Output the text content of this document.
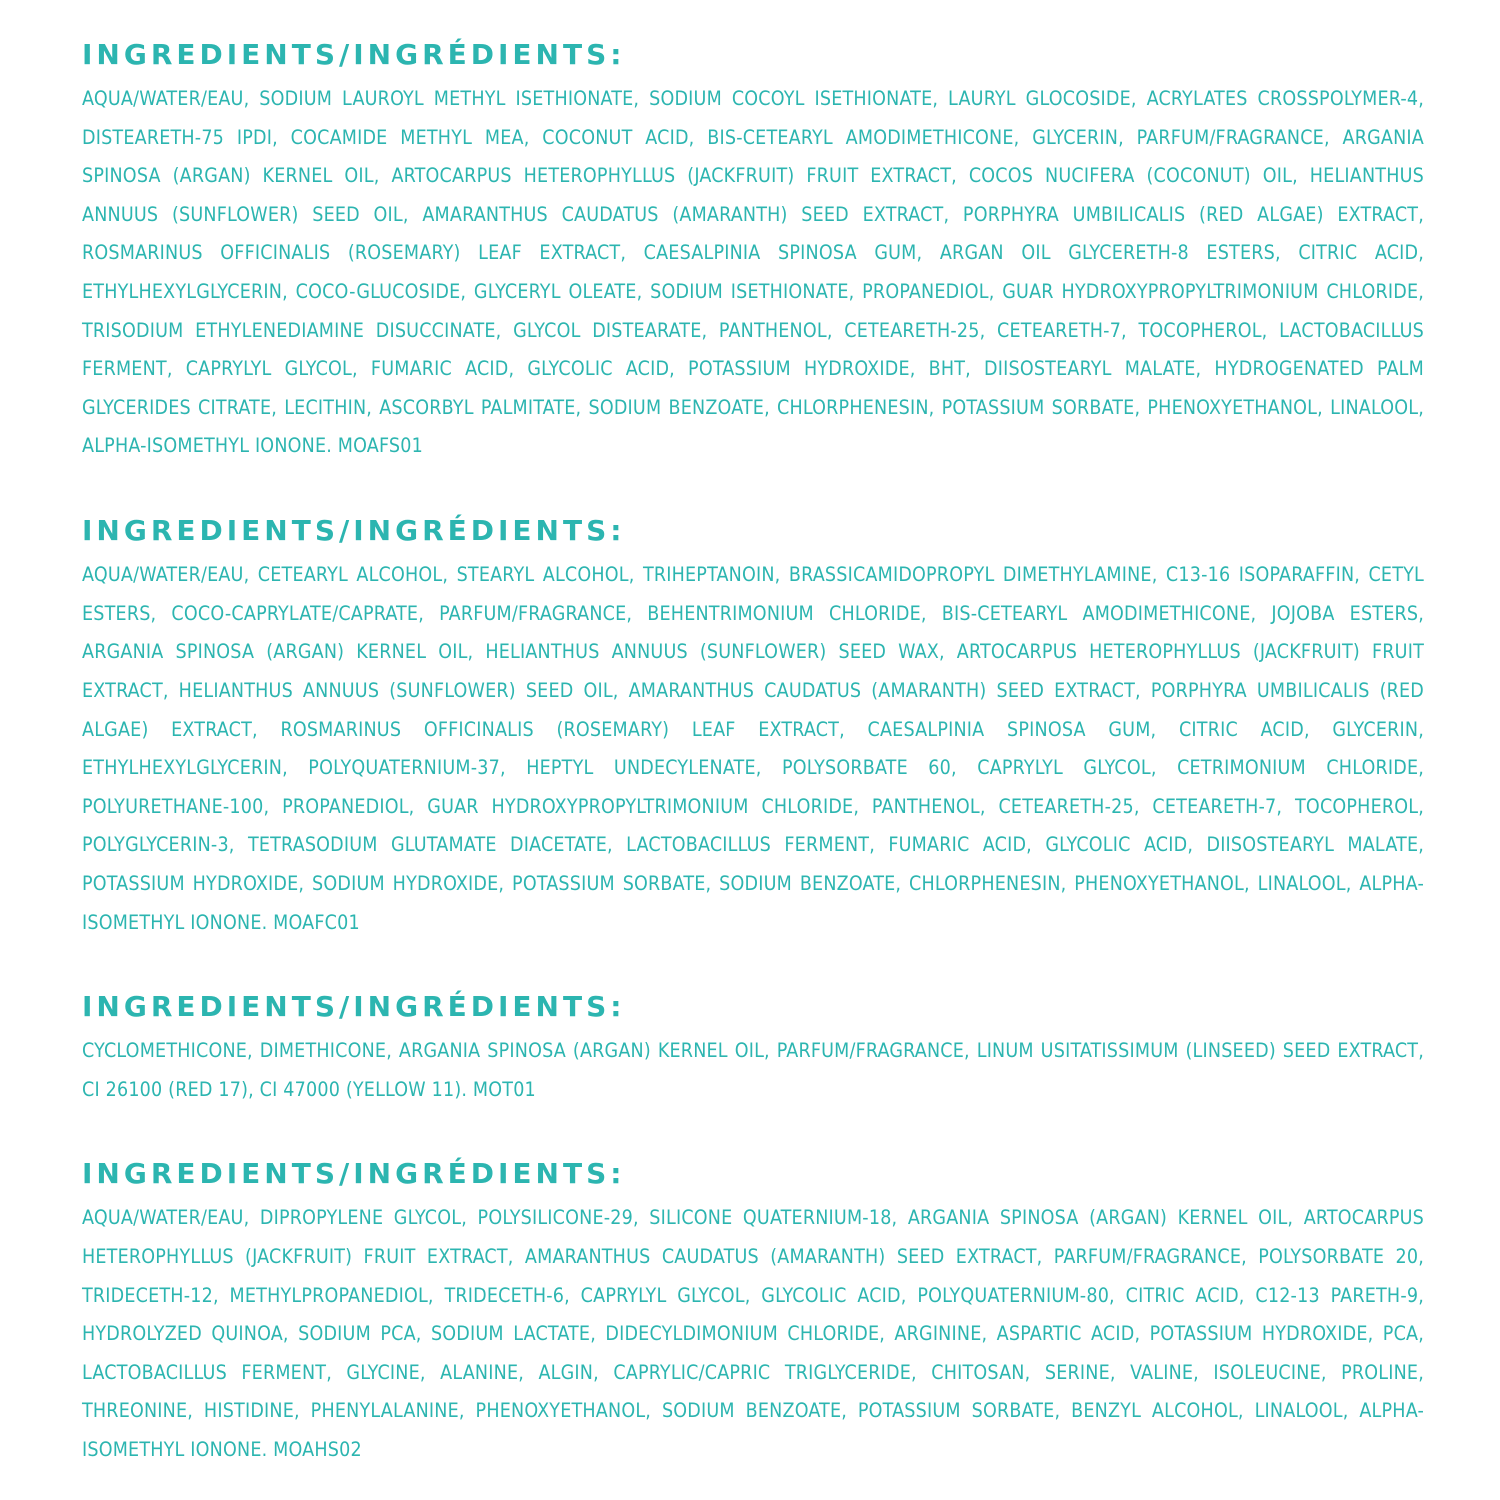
INGREDIENTS/INGRÉDIENTS:

AQUA/WATER/EAU, SODIUM LAUROYL METHYL ISETHIONATE, SODIUM COCOYL ISETHIONATE, LAURYL GLOCOSIDE, ACRYLATES CROSSPOLYMER-4, DISTEARETH-75 IPDI, COCAMIDE METHYL MEA, COCONUT ACID, BIS-CETEARYL AMODIMETHICONE, GLYCERIN, PARFUM/FRAGRANCE, ARGANIA SPINOSA (ARGAN) KERNEL OIL, ARTOCARPUS HETEROPHYLLUS (JACKFRUIT) FRUIT EXTRACT, COCOS NUCIFERA (COCONUT) OIL, HELIANTHUS ANNUUS (SUNFLOWER) SEED OIL, AMARANTHUS CAUDATUS (AMARANTH) SEED EXTRACT, PORPHYRA UMBILICALIS (RED ALGAE) EXTRACT, ROSMARINUS OFFICINALIS (ROSEMARY) LEAF EXTRACT, CAESALPINIA SPINOSA GUM, ARGAN OIL GLYCERETH-8 ESTERS, CITRIC ACID, ETHYLHEXYLGLYCERIN, COCO-GLUCOSIDE, GLYCERYL OLEATE, SODIUM ISETHIONATE, PROPANEDIOL, GUAR HYDROXYPROPYLTRIMONIUM CHLORIDE, TRISODIUM ETHYLENEDIAMINE DISUCCINATE, GLYCOL DISTEARATE, PANTHENOL, CETEARETH-25, CETEARETH-7, TOCOPHEROL, LACTOBACILLUS FERMENT, CAPRYLYL GLYCOL, FUMARIC ACID, GLYCOLIC ACID, POTASSIUM HYDROXIDE, BHT, DIISOSTEARYL MALATE, HYDROGENATED PALM GLYCERIDES CITRATE, LECITHIN, ASCORBYL PALMITATE, SODIUM BENZOATE, CHLORPHENESIN, POTASSIUM SORBATE, PHENOXYETHANOL, LINALOOL, ALPHA-ISOMETHYL IONONE. MOAFS01

INGREDIENTS/INGRÉDIENTS:

AQUA/WATER/EAU, CETEARYL ALCOHOL, STEARYL ALCOHOL, TRIHEPTANOIN, BRASSICAMIDOPROPYL DIMETHYLAMINE, C13-16 ISOPARAFFIN, CETYL ESTERS, COCO-CAPRYLATE/CAPRATE, PARFUM/FRAGRANCE, BEHENTRIMONIUM CHLORIDE, BIS-CETEARYL AMODIMETHICONE, JOJOBA ESTERS, ARGANIA SPINOSA (ARGAN) KERNEL OIL, HELIANTHUS ANNUUS (SUNFLOWER) SEED WAX, ARTOCARPUS HETEROPHYLLUS (JACKFRUIT) FRUIT EXTRACT, HELIANTHUS ANNUUS (SUNFLOWER) SEED OIL, AMARANTHUS CAUDATUS (AMARANTH) SEED EXTRACT, PORPHYRA UMBILICALIS (RED ALGAE) EXTRACT, ROSMARINUS OFFICINALIS (ROSEMARY) LEAF EXTRACT, CAESALPINIA SPINOSA GUM, CITRIC ACID, GLYCERIN, ETHYLHEXYLGLYCERIN, POLYQUATERNIUM-37, HEPTYL UNDECYLENATE, POLYSORBATE 60, CAPRYLYL GLYCOL, CETRIMONIUM CHLORIDE, POLYURETHANE-100, PROPANEDIOL, GUAR HYDROXYPROPYLTRIMONIUM CHLORIDE, PANTHENOL, CETEARETH-25, CETEARETH-7, TOCOPHEROL, POLYGLYCERIN-3, TETRASODIUM GLUTAMATE DIACETATE, LACTOBACILLUS FERMENT, FUMARIC ACID, GLYCOLIC ACID, DIISOSTEARYL MALATE, POTASSIUM HYDROXIDE, SODIUM HYDROXIDE, POTASSIUM SORBATE, SODIUM BENZOATE, CHLORPHENESIN, PHENOXYETHANOL, LINALOOL, ALPHA-ISOMETHYL IONONE. MOAFC01

INGREDIENTS/INGRÉDIENTS:

CYCLOMETHICONE, DIMETHICONE, ARGANIA SPINOSA (ARGAN) KERNEL OIL, PARFUM/FRAGRANCE, LINUM USITATISSIMUM (LINSEED) SEED EXTRACT, CI 26100 (RED 17), CI 47000 (YELLOW 11). MOT01

INGREDIENTS/INGRÉDIENTS:

AQUA/WATER/EAU, DIPROPYLENE GLYCOL, POLYSILICONE-29, SILICONE QUATERNIUM-18, ARGANIA SPINOSA (ARGAN) KERNEL OIL, ARTOCARPUS HETEROPHYLLUS (JACKFRUIT) FRUIT EXTRACT, AMARANTHUS CAUDATUS (AMARANTH) SEED EXTRACT, PARFUM/FRAGRANCE, POLYSORBATE 20, TRIDECETH-12, METHYLPROPANEDIOL, TRIDECETH-6, CAPRYLYL GLYCOL, GLYCOLIC ACID, POLYQUATERNIUM-80, CITRIC ACID, C12-13 PARETH-9, HYDROLYZED QUINOA, SODIUM PCA, SODIUM LACTATE, DIDECYLDIMONIUM CHLORIDE, ARGININE, ASPARTIC ACID, POTASSIUM HYDROXIDE, PCA, LACTOBACILLUS FERMENT, GLYCINE, ALANINE, ALGIN, CAPRYLIC/CAPRIC TRIGLYCERIDE, CHITOSAN, SERINE, VALINE, ISOLEUCINE, PROLINE, THREONINE, HISTIDINE, PHENYLALANINE, PHENOXYETHANOL, SODIUM BENZOATE, POTASSIUM SORBATE, BENZYL ALCOHOL, LINALOOL, ALPHA-ISOMETHYL IONONE. MOAHS02
